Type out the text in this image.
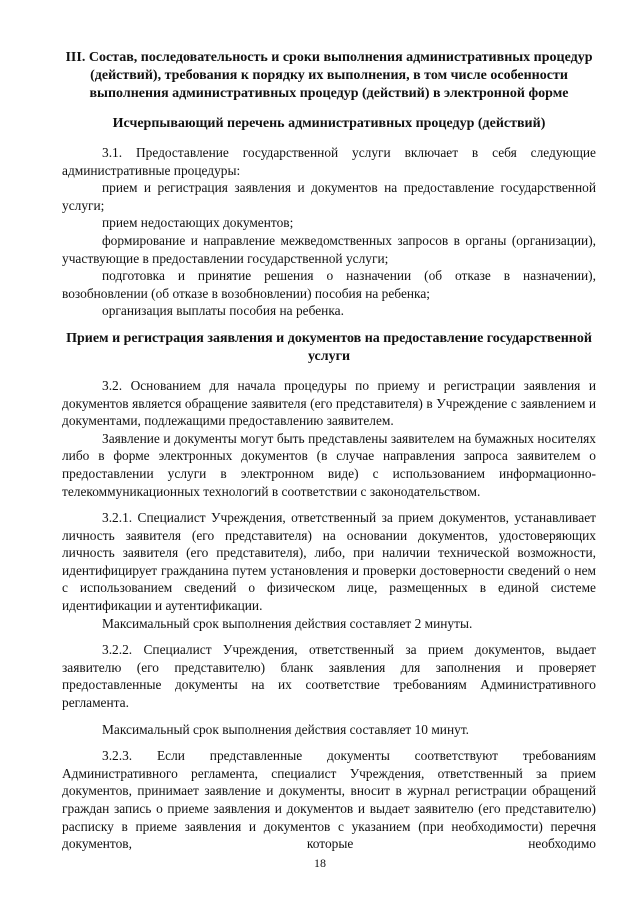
III. Состав, последовательность и сроки выполнения административных процедур (действий), требования к порядку их выполнения, в том числе особенности выполнения административных процедур (действий) в электронной форме

Исчерпывающий перечень административных процедур (действий)

3.1. Предоставление государственной услуги включает в себя следующие административные процедуры:

прием и регистрация заявления и документов на предоставление государственной услуги;

прием недостающих документов;

формирование и направление межведомственных запросов в органы (организации), участвующие в предоставлении государственной услуги;

подготовка и принятие решения о назначении (об отказе в назначении), возобновлении (об отказе в возобновлении) пособия на ребенка;

организация выплаты пособия на ребенка.

Прием и регистрация заявления и документов на предоставление государственной услуги

3.2. Основанием для начала процедуры по приему и регистрации заявления и документов является обращение заявителя (его представителя) в Учреждение с заявлением и документами, подлежащими предоставлению заявителем.

Заявление и документы могут быть представлены заявителем на бумажных носителях либо в форме электронных документов (в случае направления запроса заявителем о предоставлении услуги в электронном виде) с использованием информационно-телекоммуникационных технологий в соответствии с законодательством.

3.2.1. Специалист Учреждения, ответственный за прием документов, устанавливает личность заявителя (его представителя) на основании документов, удостоверяющих личность заявителя (его представителя), либо, при наличии технической возможности, идентифицирует гражданина путем установления и проверки достоверности сведений о нем с использованием сведений о физическом лице, размещенных в единой системе идентификации и аутентификации.

Максимальный срок выполнения действия составляет 2 минуты.

3.2.2. Специалист Учреждения, ответственный за прием документов, выдает заявителю (его представителю) бланк заявления для заполнения и проверяет предоставленные документы на их соответствие требованиям Административного регламента.

Максимальный срок выполнения действия составляет 10 минут.

3.2.3. Если представленные документы соответствуют требованиям Административного регламента, специалист Учреждения, ответственный за прием документов, принимает заявление и документы, вносит в журнал регистрации обращений граждан запись о приеме заявления и документов и выдает заявителю (его представителю) расписку в приеме заявления и документов с указанием (при необходимости) перечня документов, которые необходимо

18
